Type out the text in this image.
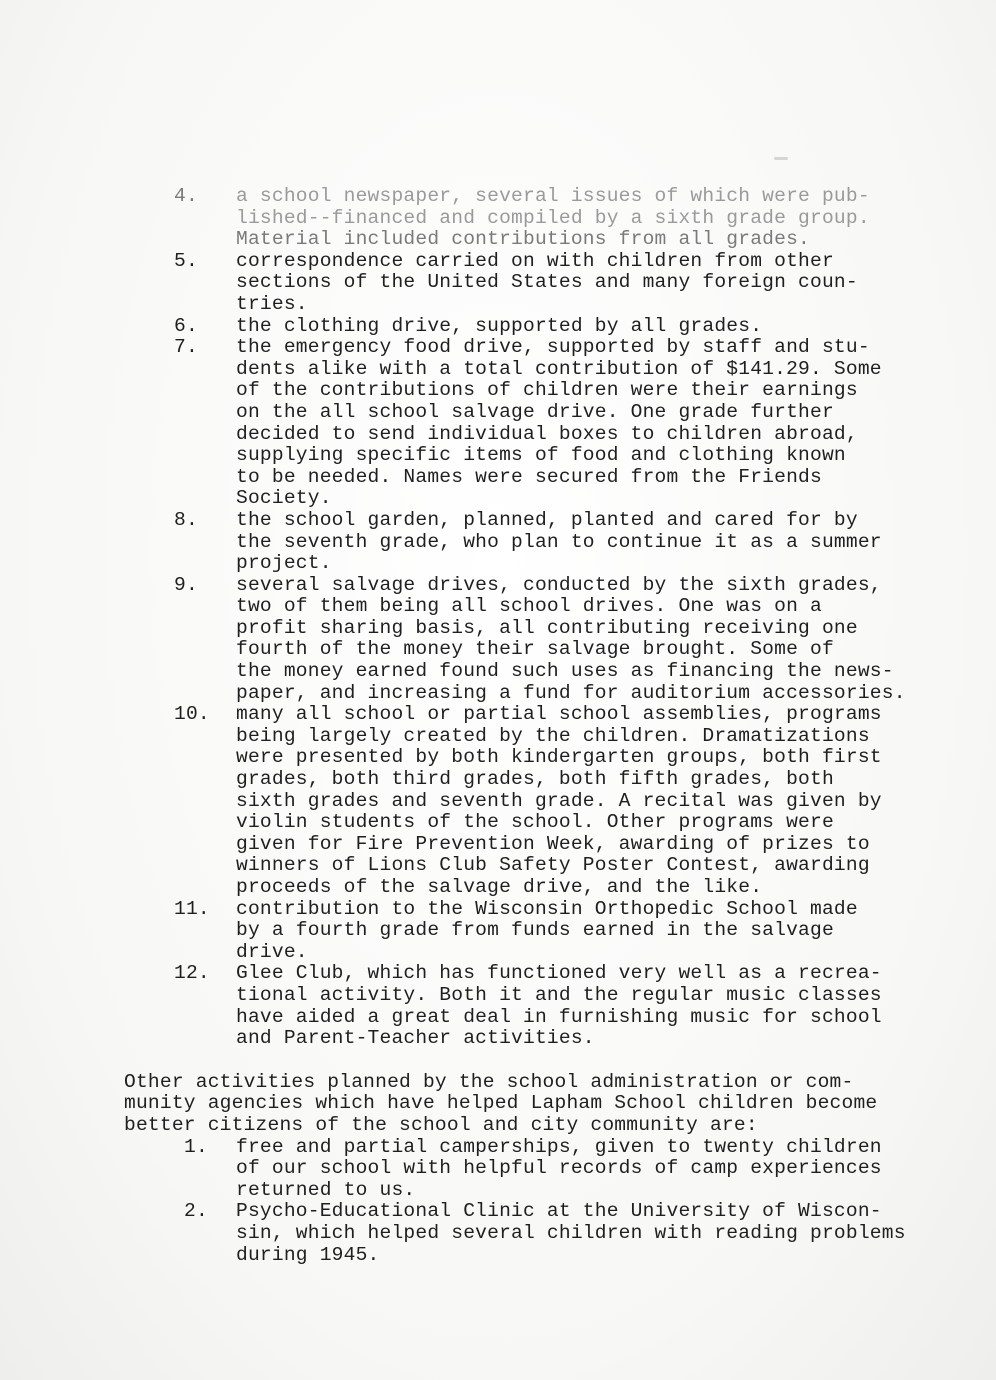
4.	a school newspaper, several issues of which were pub-
lished--financed and compiled by a sixth grade group.
Material included contributions from all grades.
5.	correspondence carried on with children from other
sections of the United States and many foreign coun-
tries.
6.	the clothing drive, supported by all grades.
7.	the emergency food drive, supported by staff and stu-
dents alike with a total contribution of $141.29. Some
of the contributions of children were their earnings
on the all school salvage drive. One grade further
decided to send individual boxes to children abroad,
supplying specific items of food and clothing known
to be needed. Names were secured from the Friends
Society.
8.	the school garden, planned, planted and cared for by
the seventh grade, who plan to continue it as a summer
project.
9.	several salvage drives, conducted by the sixth grades,
two of them being all school drives. One was on a
profit sharing basis, all contributing receiving one
fourth of the money their salvage brought. Some of
the money earned found such uses as financing the news-
paper, and increasing a fund for auditorium accessories.
10.	many all school or partial school assemblies, programs
being largely created by the children. Dramatizations
were presented by both kindergarten groups, both first
grades, both third grades, both fifth grades, both
sixth grades and seventh grade. A recital was given by
violin students of the school. Other programs were
given for Fire Prevention Week, awarding of prizes to
winners of Lions Club Safety Poster Contest, awarding
proceeds of the salvage drive, and the like.
11.	contribution to the Wisconsin Orthopedic School made
by a fourth grade from funds earned in the salvage
drive.
12.	Glee Club, which has functioned very well as a recrea-
tional activity. Both it and the regular music classes
have aided a great deal in furnishing music for school
and Parent-Teacher activities.
Other activities planned by the school administration or com-
munity agencies which have helped Lapham School children become
better citizens of the school and city community are:
1.	free and partial camperships, given to twenty children
of our school with helpful records of camp experiences
returned to us.
2.	Psycho-Educational Clinic at the University of Wiscon-
sin, which helped several children with reading problems
during 1945.
